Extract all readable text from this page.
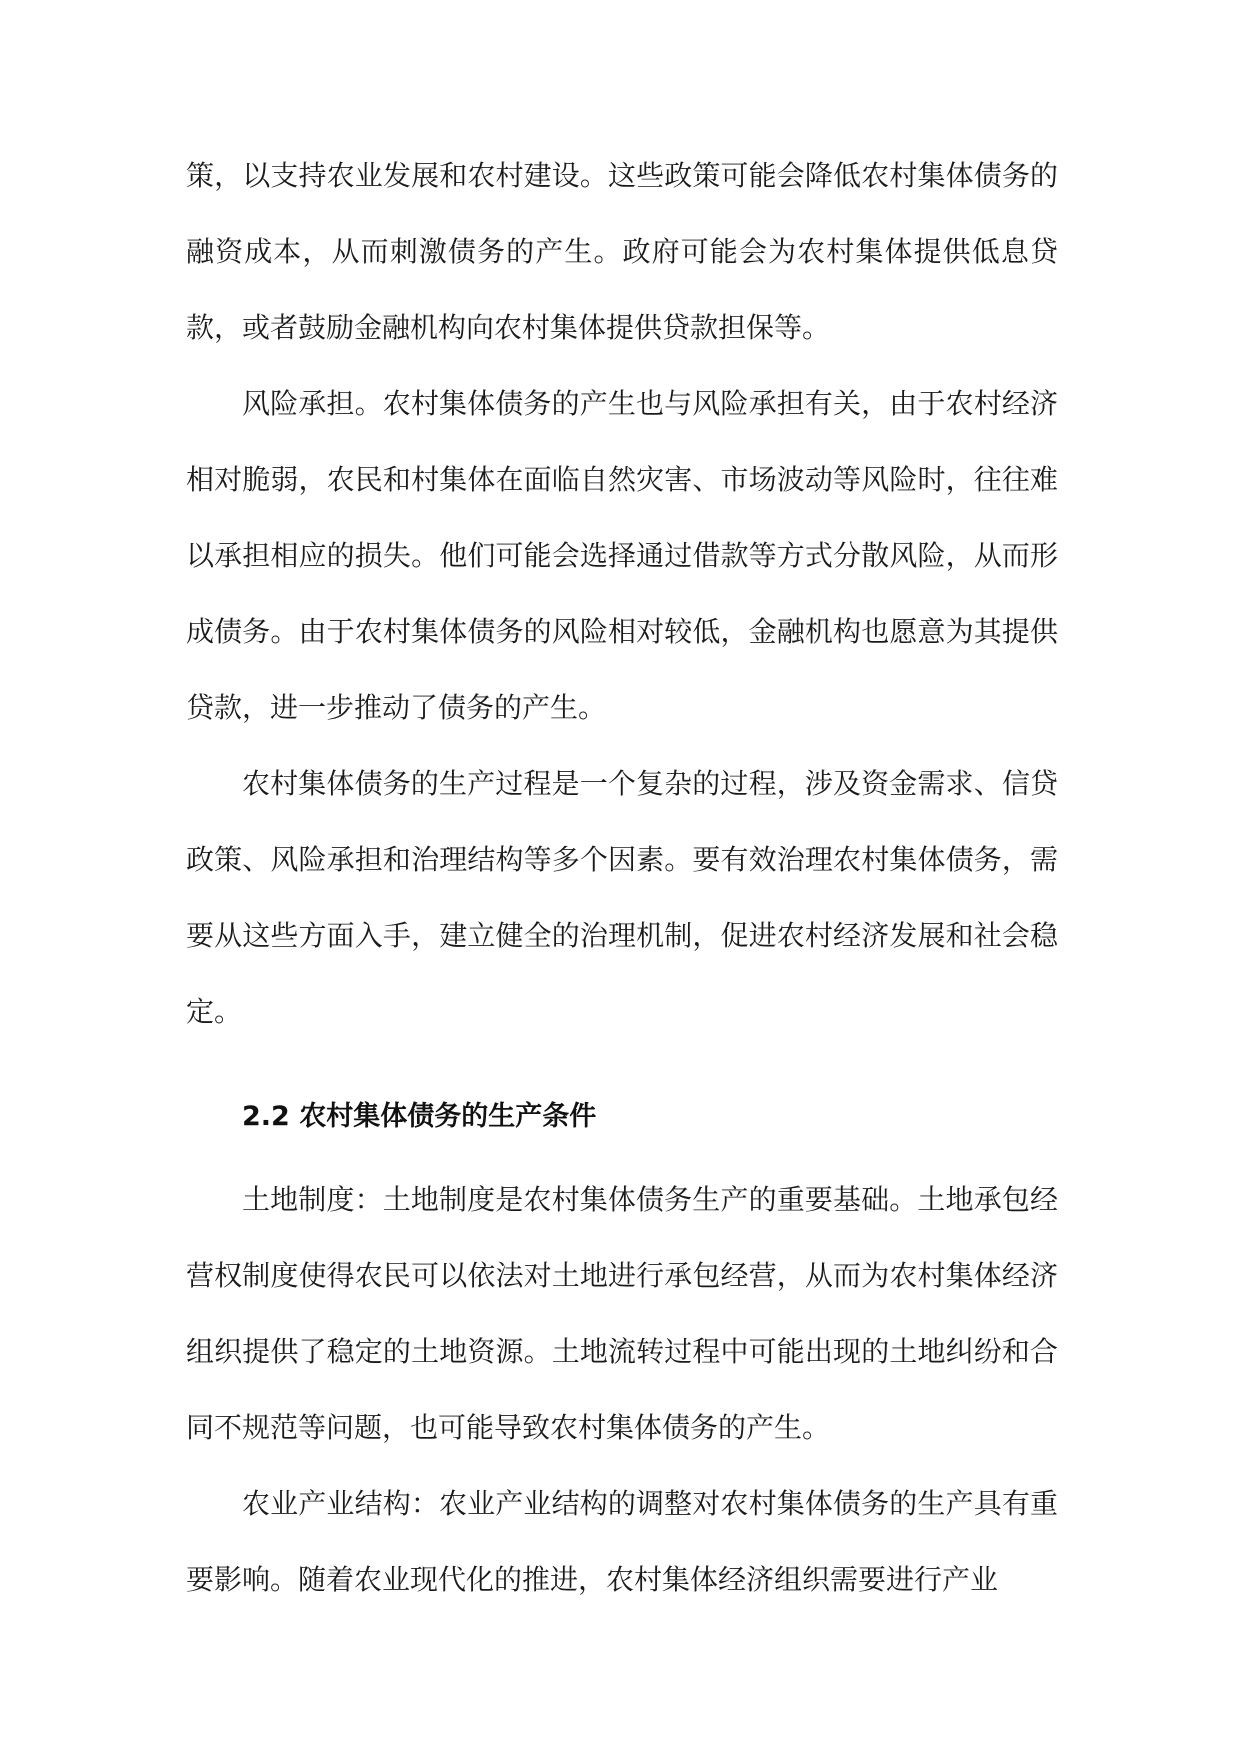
策，以支持农业发展和农村建设。这些政策可能会降低农村集体债务的融资成本，从而刺激债务的产生。政府可能会为农村集体提供低息贷款，或者鼓励金融机构向农村集体提供贷款担保等。

风险承担。农村集体债务的产生也与风险承担有关，由于农村经济相对脆弱，农民和村集体在面临自然灾害、市场波动等风险时，往往难以承担相应的损失。他们可能会选择通过借款等方式分散风险，从而形成债务。由于农村集体债务的风险相对较低，金融机构也愿意为其提供贷款，进一步推动了债务的产生。

农村集体债务的生产过程是一个复杂的过程，涉及资金需求、信贷政策、风险承担和治理结构等多个因素。要有效治理农村集体债务，需要从这些方面入手，建立健全的治理机制，促进农村经济发展和社会稳定。

2.2 农村集体债务的生产条件

土地制度：土地制度是农村集体债务生产的重要基础。土地承包经营权制度使得农民可以依法对土地进行承包经营，从而为农村集体经济组织提供了稳定的土地资源。土地流转过程中可能出现的土地纠纷和合同不规范等问题，也可能导致农村集体债务的产生。

农业产业结构：农业产业结构的调整对农村集体债务的生产具有重要影响。随着农业现代化的推进，农村集体经济组织需要进行产业
